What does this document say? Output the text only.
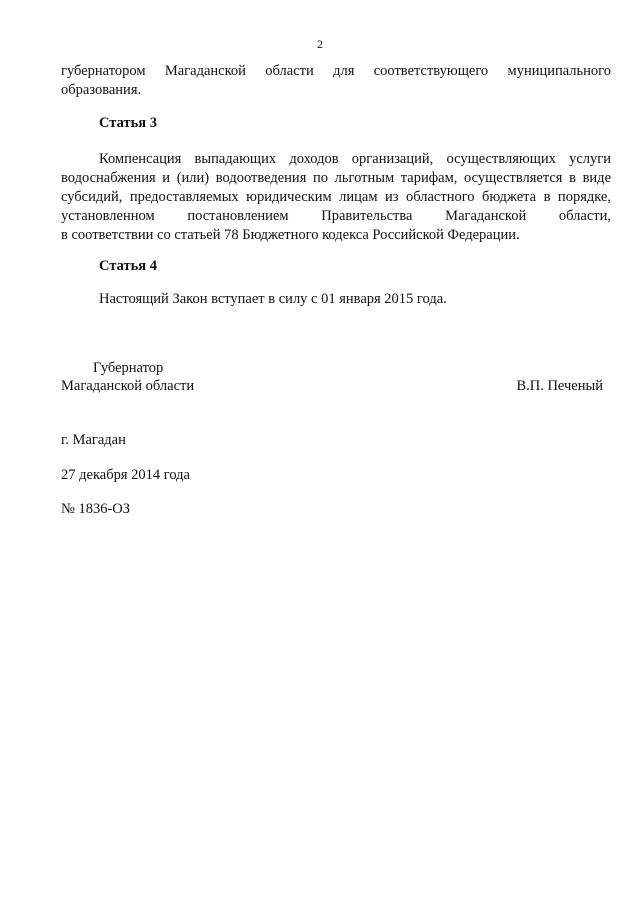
2
губернатором Магаданской области для соответствующего муниципального
образования.
Статья 3
Компенсация выпадающих доходов организаций, осуществляющих услуги
водоснабжения и (или) водоотведения по льготным тарифам, осуществляется в виде
субсидий, предоставляемых юридическим лицам из областного бюджета в порядке,
установленном постановлением Правительства Магаданской области,
в соответствии со статьей 78 Бюджетного кодекса Российской Федерации.
Статья 4
Настоящий Закон вступает в силу с 01 января 2015 года.
Губернатор
Магаданской области	В.П. Печеный
г. Магадан
27 декабря 2014 года
№ 1836-ОЗ
